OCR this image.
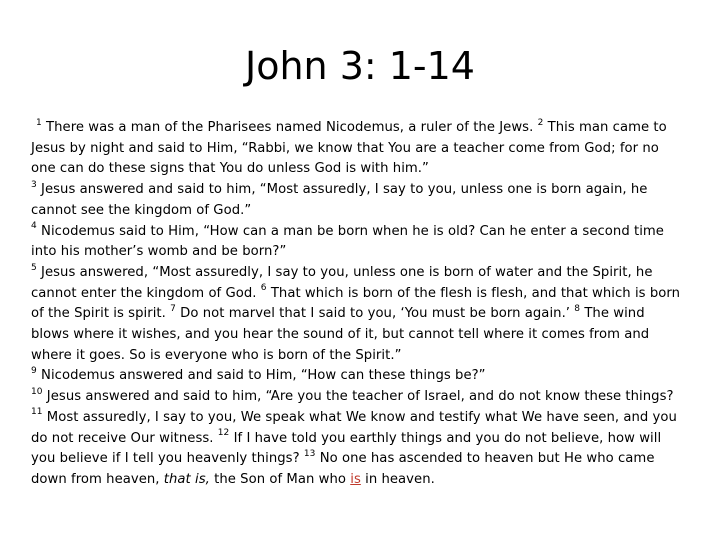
John 3: 1-14
$^1$ There was a man of the Pharisees named Nicodemus, a ruler of the Jews. $^2$ This man came to
Jesus by night and said to Him, “Rabbi, we know that You are a teacher come from God; for no
one can do these signs that You do unless God is with him.”
$^3$ Jesus answered and said to him, “Most assuredly, I say to you, unless one is born again, he
cannot see the kingdom of God.”
$^4$ Nicodemus said to Him, “How can a man be born when he is old? Can he enter a second time
into his mother’s womb and be born?”
$^5$ Jesus answered, “Most assuredly, I say to you, unless one is born of water and the Spirit, he
cannot enter the kingdom of God. $^6$ That which is born of the flesh is flesh, and that which is born
of the Spirit is spirit. $^7$ Do not marvel that I said to you, ‘You must be born again.’ $^8$ The wind
blows where it wishes, and you hear the sound of it, but cannot tell where it comes from and
where it goes. So is everyone who is born of the Spirit.”
$^9$ Nicodemus answered and said to Him, “How can these things be?”
$^{10}$ Jesus answered and said to him, “Are you the teacher of Israel, and do not know these things?
$^{11}$ Most assuredly, I say to you, We speak what We know and testify what We have seen, and you
do not receive Our witness. $^{12}$ If I have told you earthly things and you do not believe, how will
you believe if I tell you heavenly things? $^{13}$ No one has ascended to heaven but He who came
down from heaven, that is, the Son of Man who is in heaven.
